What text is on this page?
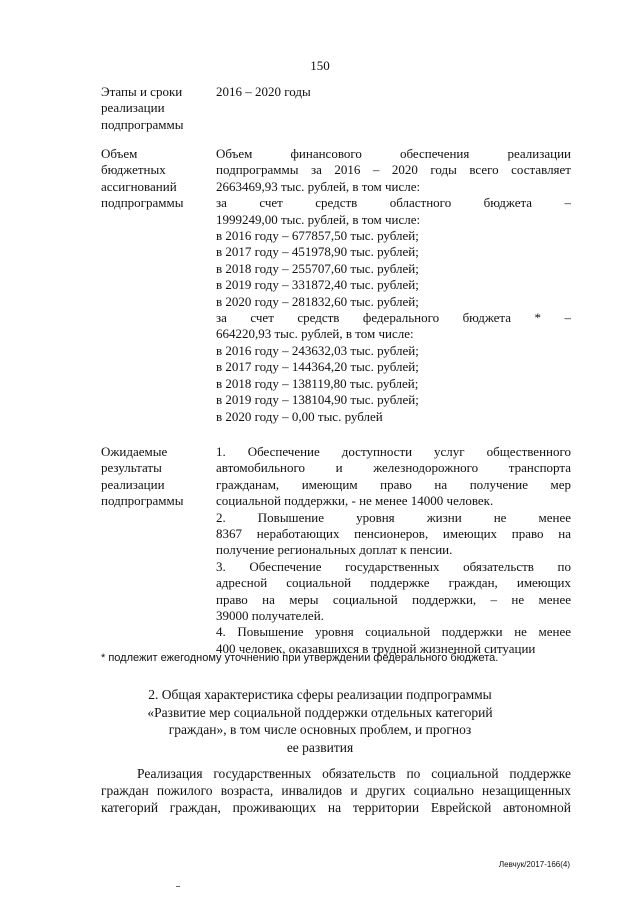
150
Этапы и сроки
реализации
подпрограммы
2016 – 2020 годы
Объем
бюджетных
ассигнований
подпрограммы
Объем финансового обеспечения реализации
подпрограммы за 2016 – 2020 годы всего составляет
2663469,93 тыс. рублей, в том числе:
за счет средств областного бюджета –
1999249,00 тыс. рублей, в том числе:
в 2016 году – 677857,50 тыс. рублей;
в 2017 году – 451978,90 тыс. рублей;
в 2018 году – 255707,60 тыс. рублей;
в 2019 году – 331872,40 тыс. рублей;
в 2020 году – 281832,60 тыс. рублей;
за счет средств федерального бюджета * –
664220,93 тыс. рублей, в том числе:
в 2016 году – 243632,03 тыс. рублей;
в 2017 году – 144364,20 тыс. рублей;
в 2018 году – 138119,80 тыс. рублей;
в 2019 году – 138104,90 тыс. рублей;
в 2020 году – 0,00 тыс. рублей
Ожидаемые
результаты
реализации
подпрограммы
1. Обеспечение доступности услуг общественного
автомобильного и железнодорожного транспорта
гражданам, имеющим право на получение мер
социальной поддержки, - не менее 14000 человек.
2. Повышение уровня жизни не менее
8367 неработающих пенсионеров, имеющих право на
получение региональных доплат к пенсии.
3. Обеспечение государственных обязательств по
адресной социальной поддержке граждан, имеющих
право на меры социальной поддержки, – не менее
39000 получателей.
4. Повышение уровня социальной поддержки не менее
400 человек, оказавшихся в трудной жизненной ситуации
* подлежит ежегодному уточнению при утверждении федерального бюджета.
2. Общая характеристика сферы реализации подпрограммы
«Развитие мер социальной поддержки отдельных категорий
граждан», в том числе основных проблем, и прогноз
ее развития
Реализация государственных обязательств по социальной поддержке
граждан пожилого возраста, инвалидов и других социально незащищенных
категорий граждан, проживающих на территории Еврейской автономной
Левчук/2017-166(4)
